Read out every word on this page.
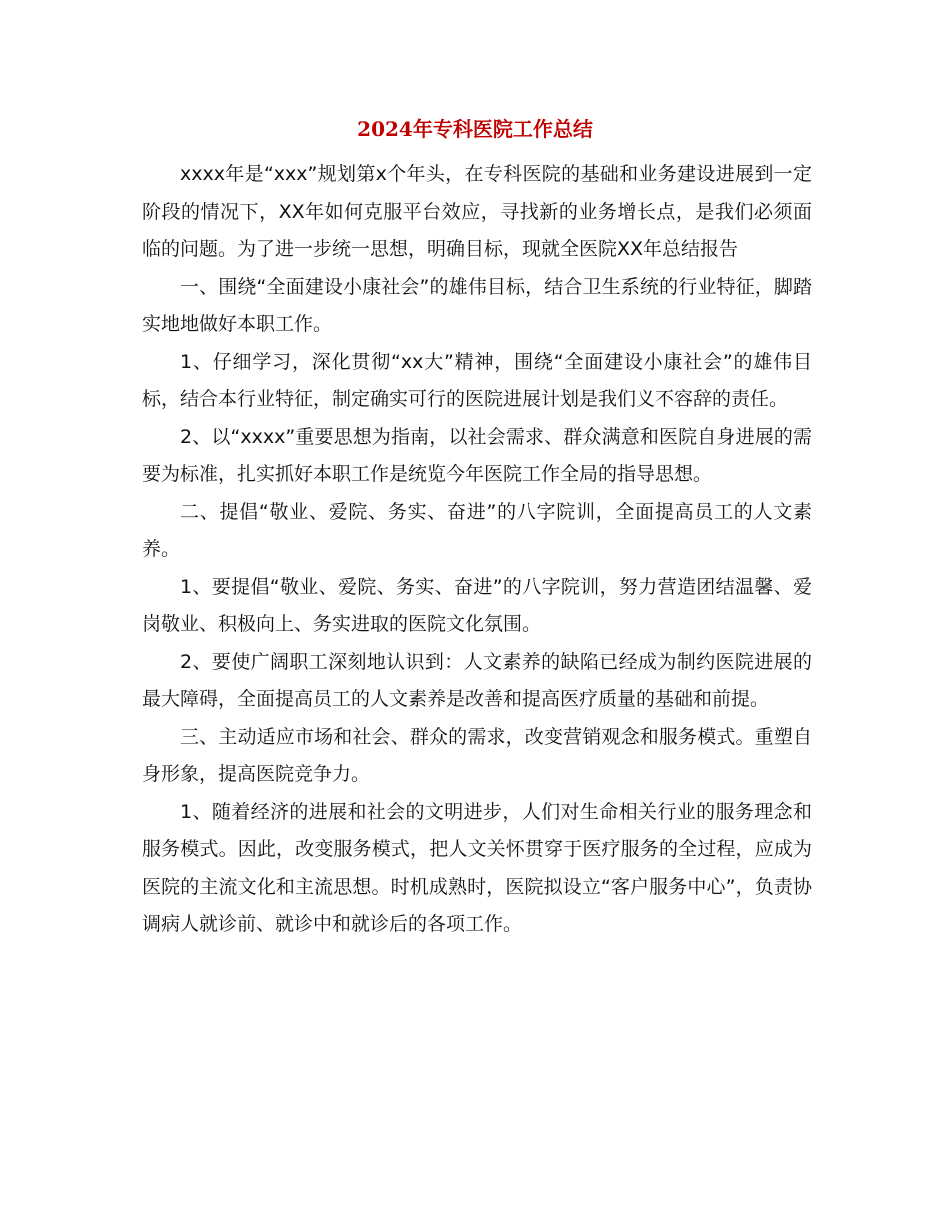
2024年专科医院工作总结

xxxx年是“xxx”规划第x个年头，在专科医院的基础和业务建设进展到一定阶段的情况下，XX年如何克服平台效应，寻找新的业务增长点，是我们必须面临的问题。为了进一步统一思想，明确目标，现就全医院XX年总结报告

一、围绕“全面建设小康社会”的雄伟目标，结合卫生系统的行业特征，脚踏实地地做好本职工作。

1、仔细学习，深化贯彻“xx大”精神，围绕“全面建设小康社会”的雄伟目标，结合本行业特征，制定确实可行的医院进展计划是我们义不容辞的责任。

2、以“xxxx”重要思想为指南，以社会需求、群众满意和医院自身进展的需要为标准，扎实抓好本职工作是统览今年医院工作全局的指导思想。

二、提倡“敬业、爱院、务实、奋进”的八字院训，全面提高员工的人文素养。

1、要提倡“敬业、爱院、务实、奋进”的八字院训，努力营造团结温馨、爱岗敬业、积极向上、务实进取的医院文化氛围。

2、要使广阔职工深刻地认识到：人文素养的缺陷已经成为制约医院进展的最大障碍，全面提高员工的人文素养是改善和提高医疗质量的基础和前提。

三、主动适应市场和社会、群众的需求，改变营销观念和服务模式。重塑自身形象，提高医院竞争力。

1、随着经济的进展和社会的文明进步，人们对生命相关行业的服务理念和服务模式。因此，改变服务模式，把人文关怀贯穿于医疗服务的全过程，应成为医院的主流文化和主流思想。时机成熟时，医院拟设立“客户服务中心”，负责协调病人就诊前、就诊中和就诊后的各项工作。
